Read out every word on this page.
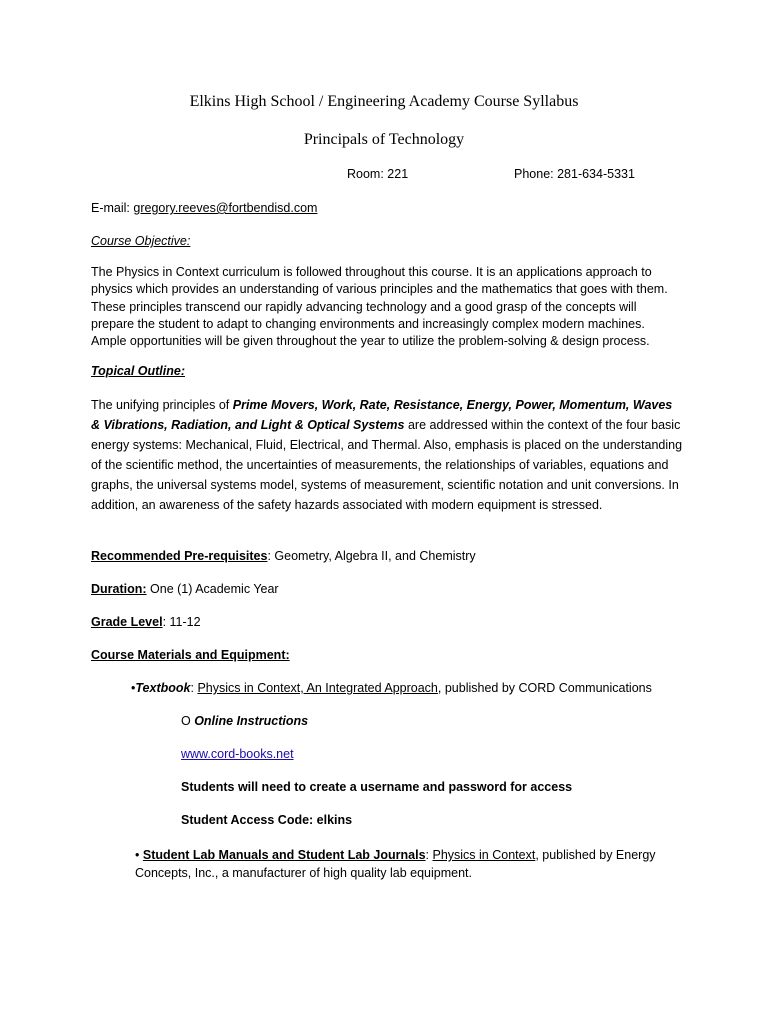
Elkins High School / Engineering Academy Course Syllabus
Principals of Technology
Room: 221	Phone: 281-634-5331
E-mail: gregory.reeves@fortbendisd.com
Course Objective:
The Physics in Context curriculum is followed throughout this course. It is an applications approach to physics which provides an understanding of various principles and the mathematics that goes with them. These principles transcend our rapidly advancing technology and a good grasp of the concepts will prepare the student to adapt to changing environments and increasingly complex modern machines. Ample opportunities will be given throughout the year to utilize the problem-solving & design process.
Topical Outline:
The unifying principles of Prime Movers, Work, Rate, Resistance, Energy, Power, Momentum, Waves & Vibrations, Radiation, and Light & Optical Systems are addressed within the context of the four basic energy systems: Mechanical, Fluid, Electrical, and Thermal. Also, emphasis is placed on the understanding of the scientific method, the uncertainties of measurements, the relationships of variables, equations and graphs, the universal systems model, systems of measurement, scientific notation and unit conversions. In addition, an awareness of the safety hazards associated with modern equipment is stressed.
Recommended Pre-requisites: Geometry, Algebra II, and Chemistry
Duration: One (1) Academic Year
Grade Level: 11-12
Course Materials and Equipment:
•Textbook: Physics in Context, An Integrated Approach, published by CORD Communications
O Online Instructions
www.cord-books.net
Students will need to create a username and password for access
Student Access Code: elkins
• Student Lab Manuals and Student Lab Journals: Physics in Context, published by Energy Concepts, Inc., a manufacturer of high quality lab equipment.
